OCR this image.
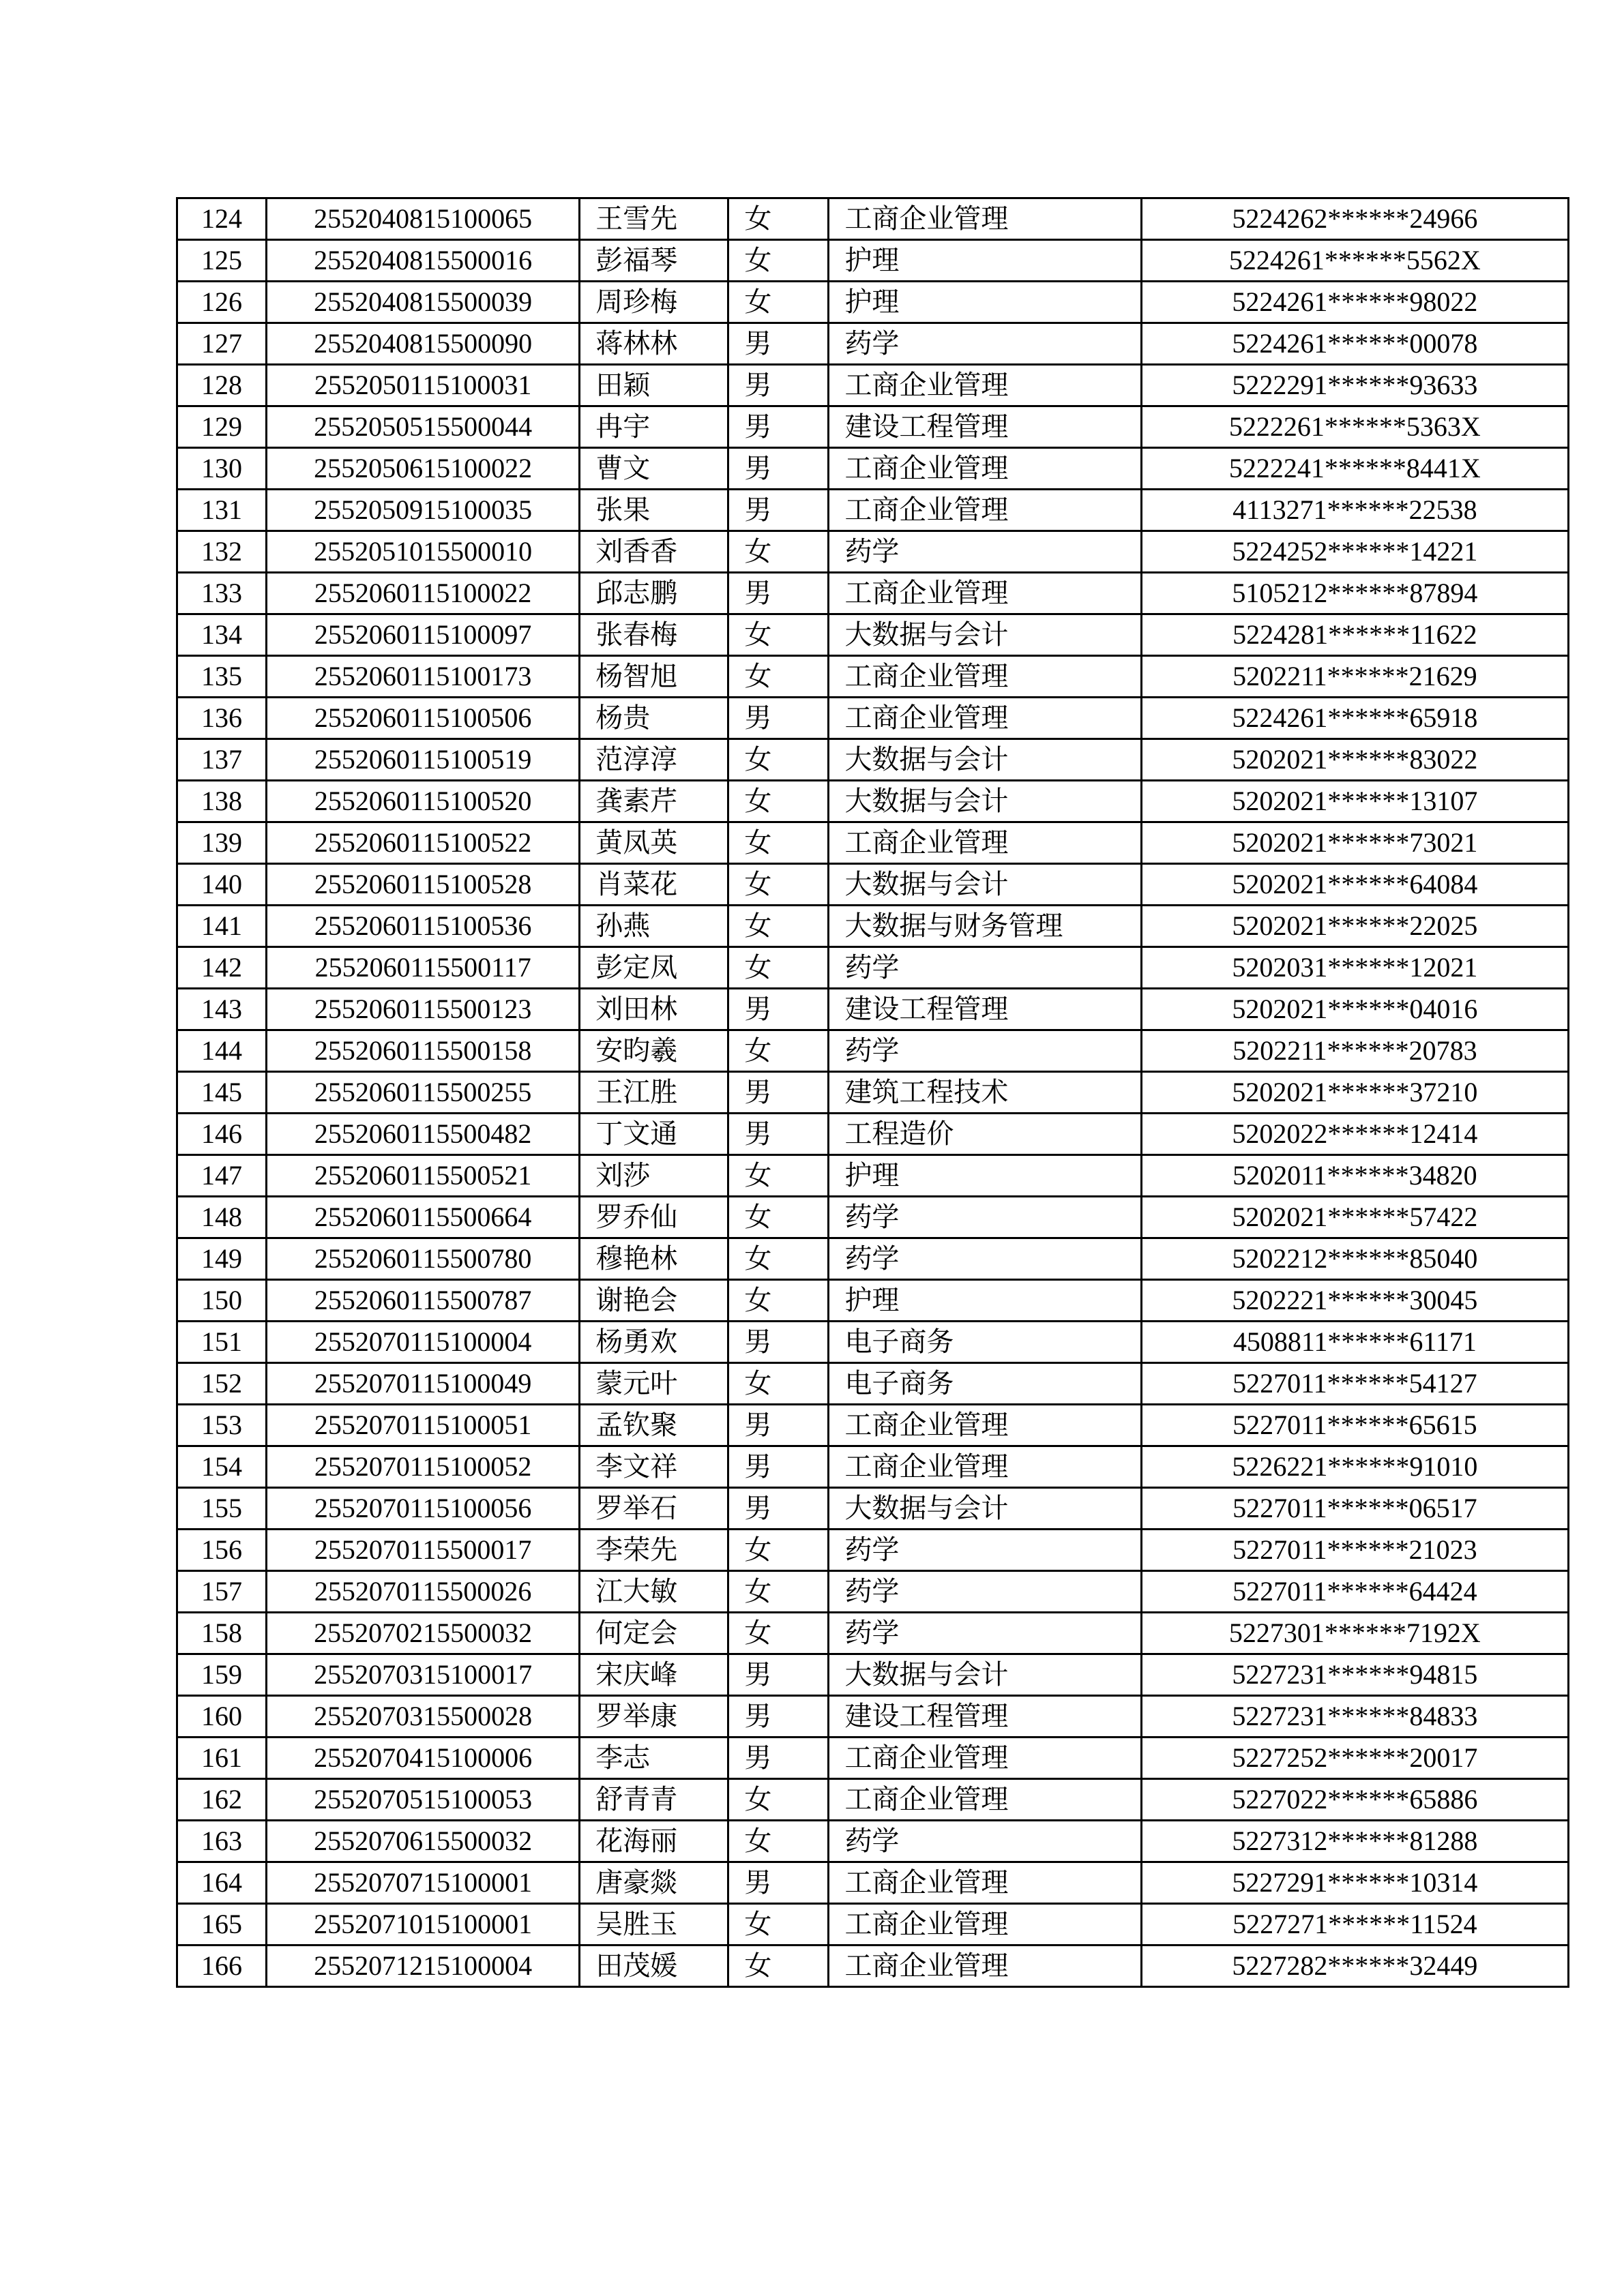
124	2552040815100065	王雪先	女	工商企业管理	5224262******24966
125	2552040815500016	彭福琴	女	护理	5224261******5562X
126	2552040815500039	周珍梅	女	护理	5224261******98022
127	2552040815500090	蒋林林	男	药学	5224261******00078
128	2552050115100031	田颖	男	工商企业管理	5222291******93633
129	2552050515500044	冉宇	男	建设工程管理	5222261******5363X
130	2552050615100022	曹文	男	工商企业管理	5222241******8441X
131	2552050915100035	张果	男	工商企业管理	4113271******22538
132	2552051015500010	刘香香	女	药学	5224252******14221
133	2552060115100022	邱志鹏	男	工商企业管理	5105212******87894
134	2552060115100097	张春梅	女	大数据与会计	5224281******11622
135	2552060115100173	杨智旭	女	工商企业管理	5202211******21629
136	2552060115100506	杨贵	男	工商企业管理	5224261******65918
137	2552060115100519	范淳淳	女	大数据与会计	5202021******83022
138	2552060115100520	龚素芹	女	大数据与会计	5202021******13107
139	2552060115100522	黄凤英	女	工商企业管理	5202021******73021
140	2552060115100528	肖菜花	女	大数据与会计	5202021******64084
141	2552060115100536	孙燕	女	大数据与财务管理	5202021******22025
142	2552060115500117	彭定凤	女	药学	5202031******12021
143	2552060115500123	刘田林	男	建设工程管理	5202021******04016
144	2552060115500158	安昀羲	女	药学	5202211******20783
145	2552060115500255	王江胜	男	建筑工程技术	5202021******37210
146	2552060115500482	丁文通	男	工程造价	5202022******12414
147	2552060115500521	刘莎	女	护理	5202011******34820
148	2552060115500664	罗乔仙	女	药学	5202021******57422
149	2552060115500780	穆艳林	女	药学	5202212******85040
150	2552060115500787	谢艳会	女	护理	5202221******30045
151	2552070115100004	杨勇欢	男	电子商务	4508811******61171
152	2552070115100049	蒙元叶	女	电子商务	5227011******54127
153	2552070115100051	孟钦聚	男	工商企业管理	5227011******65615
154	2552070115100052	李文祥	男	工商企业管理	5226221******91010
155	2552070115100056	罗举石	男	大数据与会计	5227011******06517
156	2552070115500017	李荣先	女	药学	5227011******21023
157	2552070115500026	江大敏	女	药学	5227011******64424
158	2552070215500032	何定会	女	药学	5227301******7192X
159	2552070315100017	宋庆峰	男	大数据与会计	5227231******94815
160	2552070315500028	罗举康	男	建设工程管理	5227231******84833
161	2552070415100006	李志	男	工商企业管理	5227252******20017
162	2552070515100053	舒青青	女	工商企业管理	5227022******65886
163	2552070615500032	花海丽	女	药学	5227312******81288
164	2552070715100001	唐豪燚	男	工商企业管理	5227291******10314
165	2552071015100001	吴胜玉	女	工商企业管理	5227271******11524
166	2552071215100004	田茂媛	女	工商企业管理	5227282******32449
